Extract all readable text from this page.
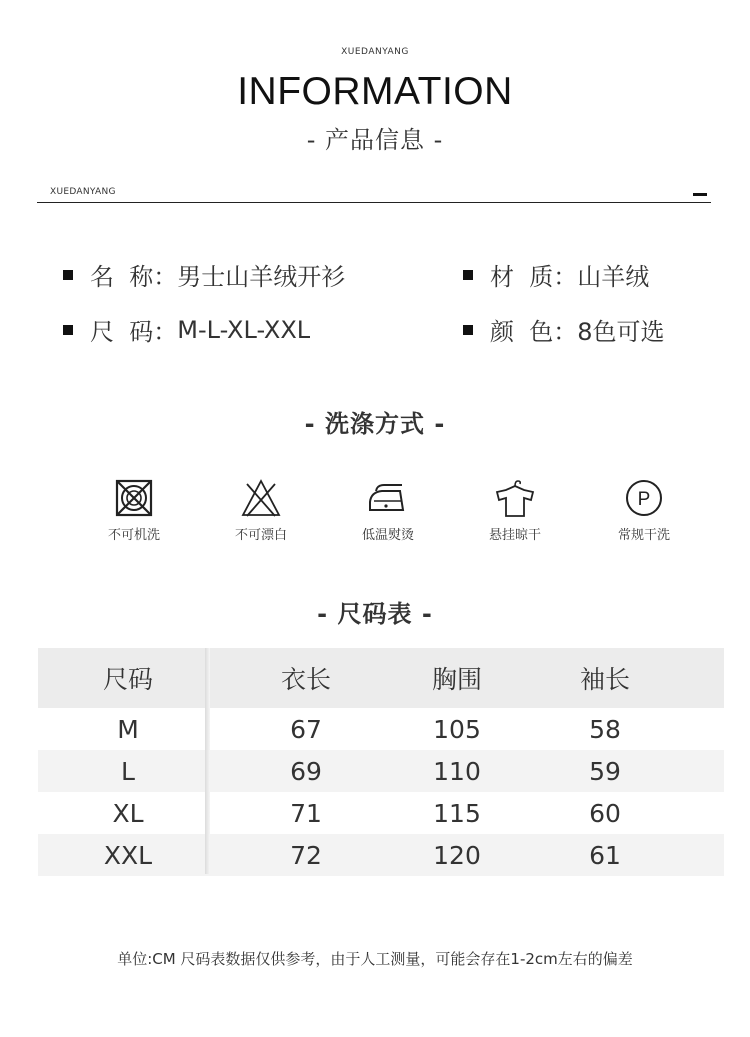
XUEDANYANG
INFORMATION
- 产品信息 -
XUEDANYANG
名  称： 男士山羊绒开衫	材  质： 山羊绒
尺  码： M-L-XL-XXL	颜  色： 8色可选
- 洗涤方式 -
不可机洗	不可漂白	低温熨烫	悬挂晾干
P
常规干洗
- 尺码表 -
尺码	衣长	胸围	袖长
M	67	105	58
L	69	110	59
XL	71	115	60
XXL	72	120	61
单位:CM 尺码表数据仅供参考，由于人工测量，可能会存在1-2cm左右的偏差
